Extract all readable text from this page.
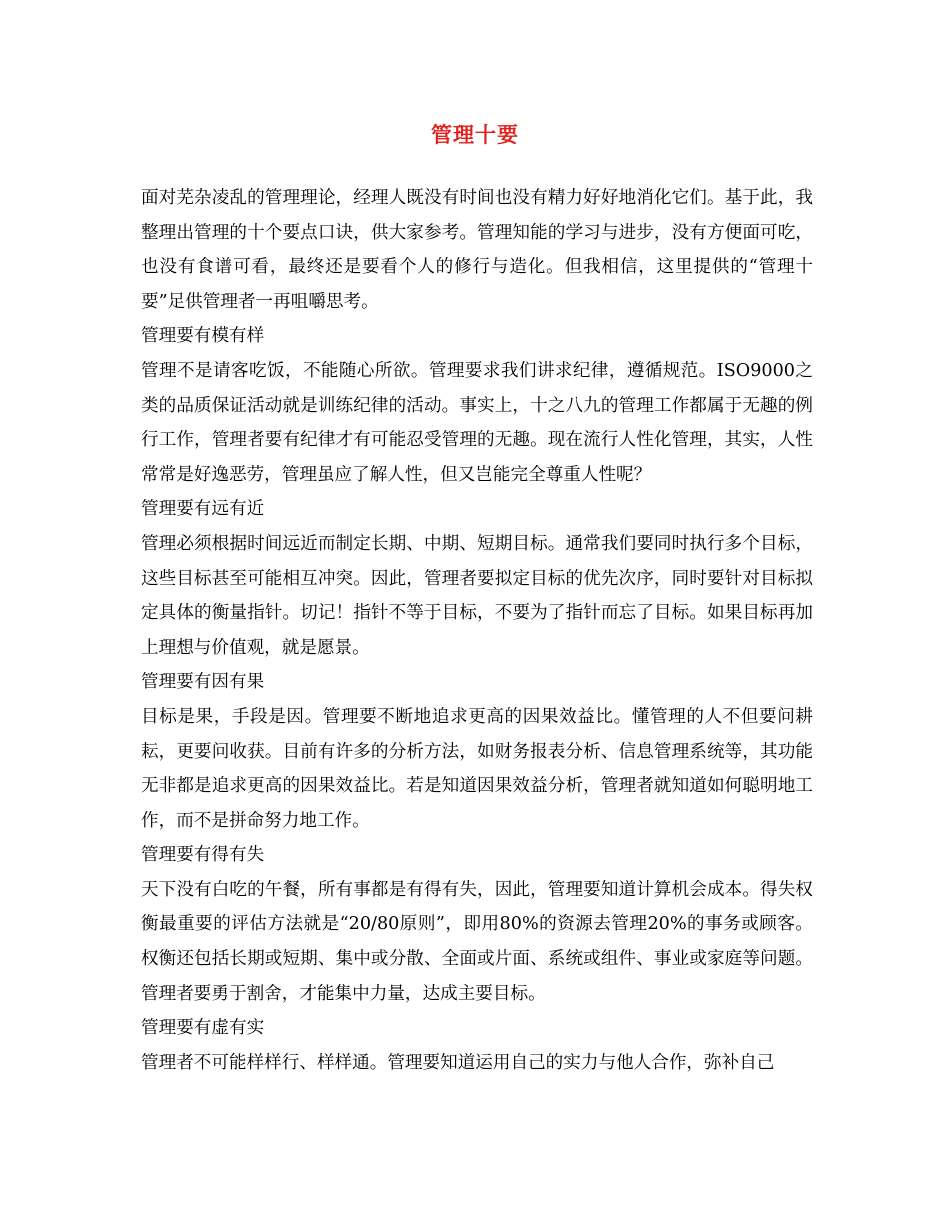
管理十要

面对芜杂凌乱的管理理论，经理人既没有时间也没有精力好好地消化它们。基于此，我整理出管理的十个要点口诀，供大家参考。管理知能的学习与进步，没有方便面可吃，也没有食谱可看，最终还是要看个人的修行与造化。但我相信，这里提供的“管理十要”足供管理者一再咀嚼思考。

管理要有模有样

管理不是请客吃饭，不能随心所欲。管理要求我们讲求纪律，遵循规范。ISO9000之类的品质保证活动就是训练纪律的活动。事实上，十之八九的管理工作都属于无趣的例行工作，管理者要有纪律才有可能忍受管理的无趣。现在流行人性化管理，其实，人性常常是好逸恶劳，管理虽应了解人性，但又岂能完全尊重人性呢？

管理要有远有近

管理必须根据时间远近而制定长期、中期、短期目标。通常我们要同时执行多个目标，这些目标甚至可能相互冲突。因此，管理者要拟定目标的优先次序，同时要针对目标拟定具体的衡量指针。切记！指针不等于目标，不要为了指针而忘了目标。如果目标再加上理想与价值观，就是愿景。

管理要有因有果

目标是果，手段是因。管理要不断地追求更高的因果效益比。懂管理的人不但要问耕耘，更要问收获。目前有许多的分析方法，如财务报表分析、信息管理系统等，其功能无非都是追求更高的因果效益比。若是知道因果效益分析，管理者就知道如何聪明地工作，而不是拼命努力地工作。

管理要有得有失

天下没有白吃的午餐，所有事都是有得有失，因此，管理要知道计算机会成本。得失权衡最重要的评估方法就是“20/80原则”，即用80%的资源去管理20%的事务或顾客。权衡还包括长期或短期、集中或分散、全面或片面、系统或组件、事业或家庭等问题。管理者要勇于割舍，才能集中力量，达成主要目标。

管理要有虚有实

管理者不可能样样行、样样通。管理要知道运用自己的实力与他人合作，弥补自己
